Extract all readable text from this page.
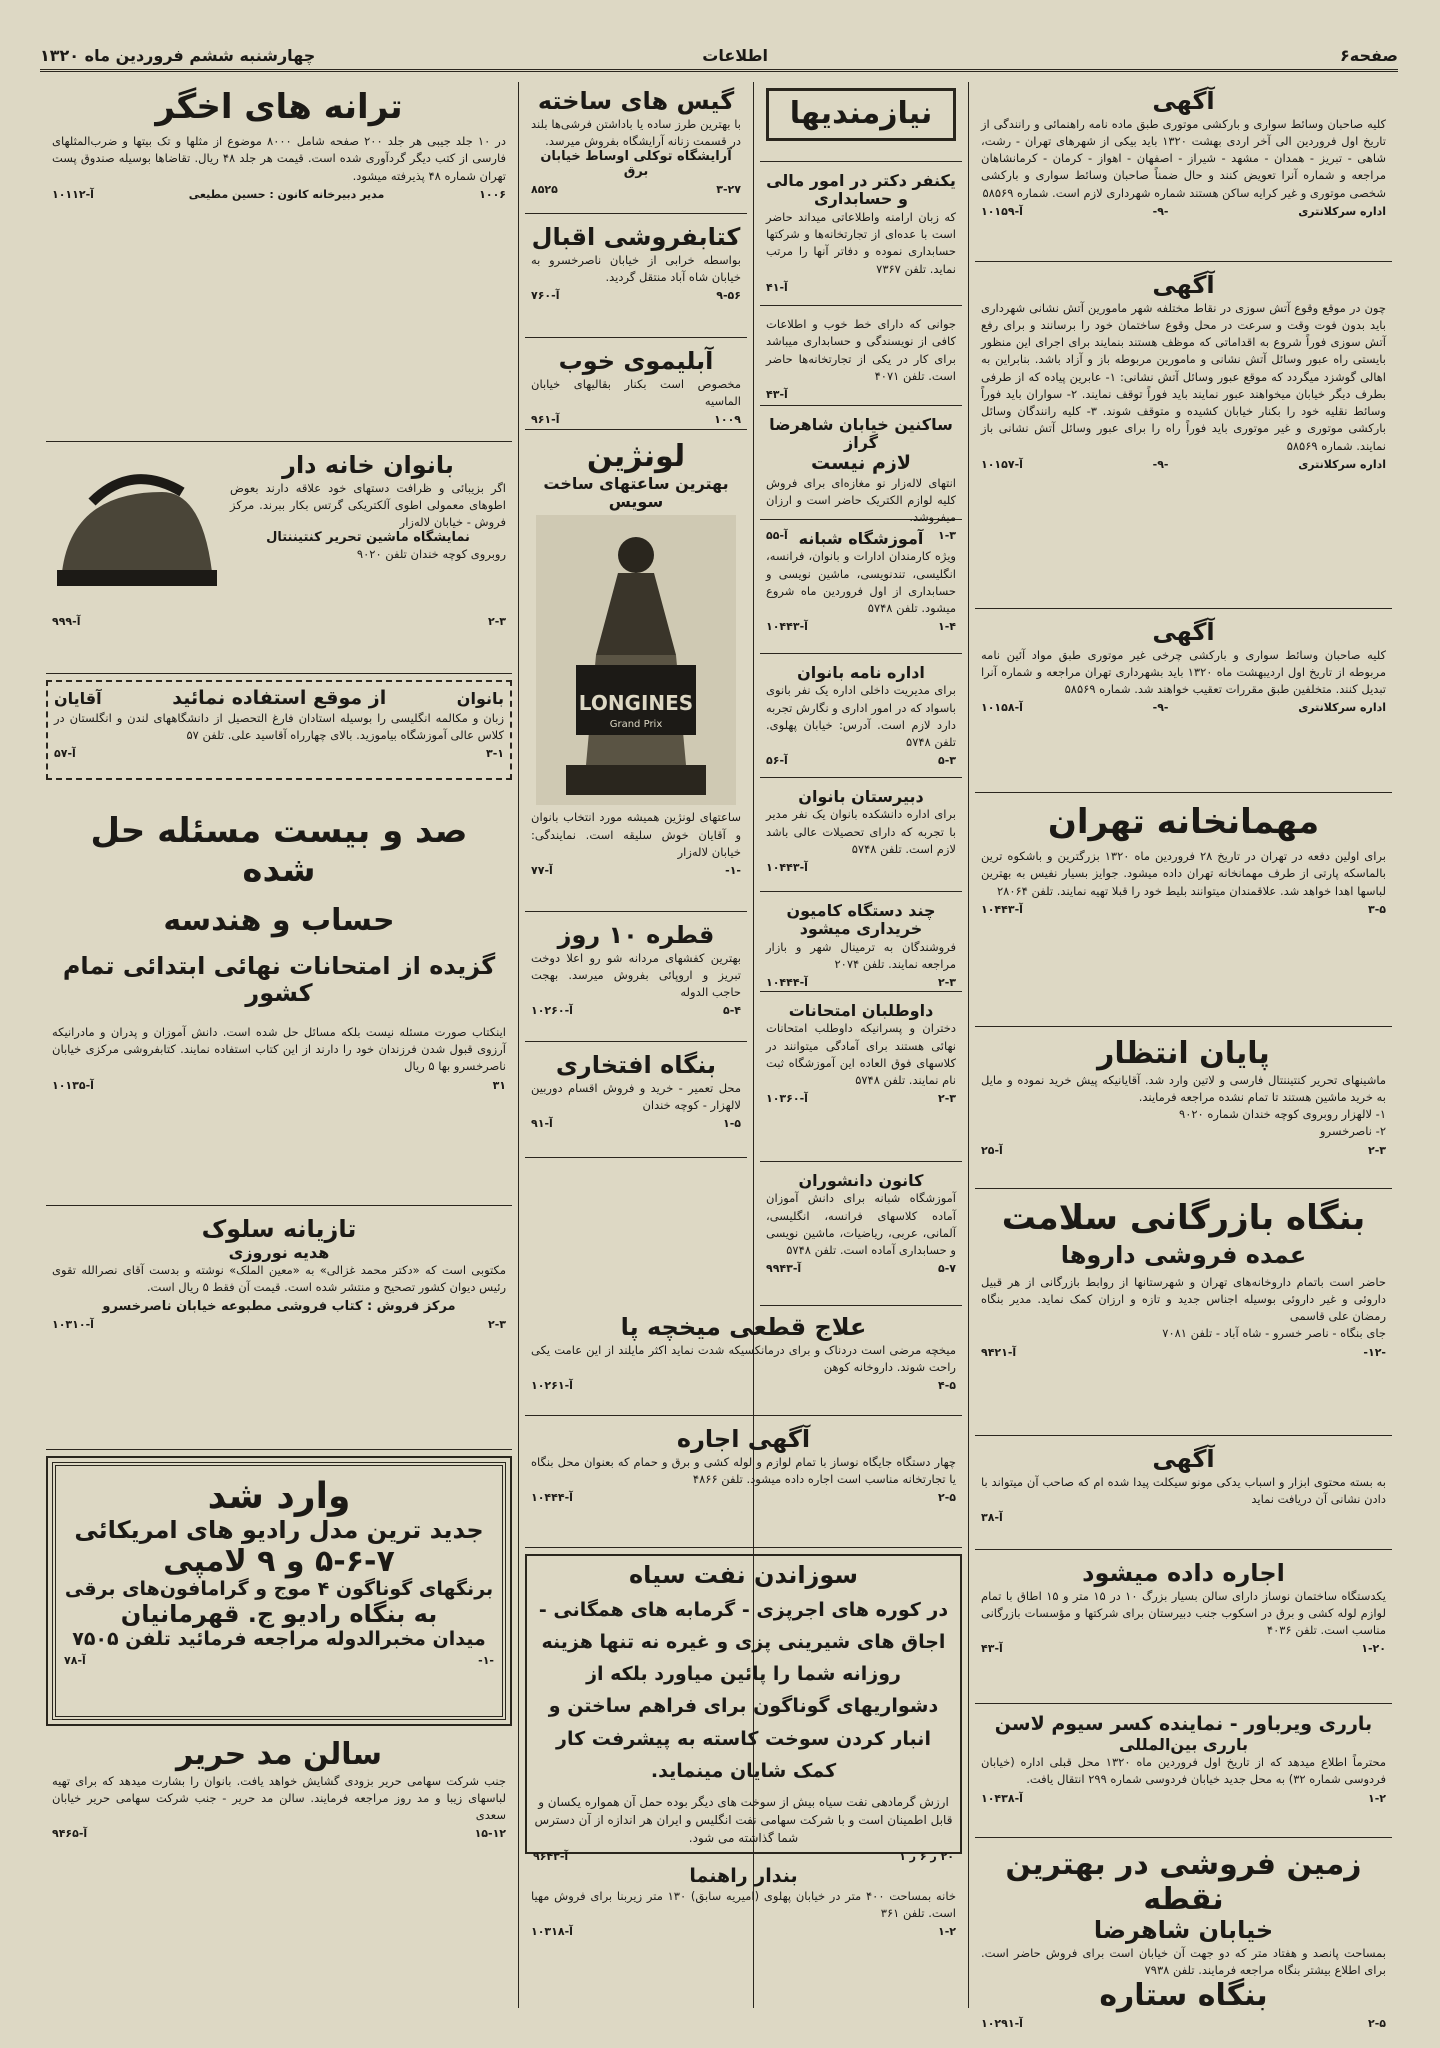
صفحه۶
اطلاعات
چهارشنبه ششم فروردین ماه ۱۳۲۰
آگهی
کلیه صاحبان وسائط سواری و بارکشی موتوری طبق ماده نامه راهنمائی و رانندگی از تاریخ اول فروردین الی آخر اردی بهشت ۱۳۲۰ باید بیکی از شهرهای تهران - رشت، شاهی - تبریز - همدان - مشهد - شیراز - اصفهان - اهواز - کرمان - کرمانشاهان مراجعه و شماره آنرا تعویض کنند و حال ضمناً صاحبان وسائط سواری و بارکشی شخصی موتوری و غیر کرایه ساکن هستند شماره شهرداری لازم است. شماره ۵۸۵۶۹
اداره سرکلانتری
-۹-
آ-۱۰۱۵۹
آگهی
چون در موقع وقوع آتش سوزی در نقاط مختلفه شهر مامورین آتش نشانی شهرداری باید بدون فوت وقت و سرعت در محل وقوع ساختمان خود را برسانند و برای رفع آتش سوزی فوراً شروع به اقداماتی که موظف هستند بنمایند برای اجرای این منظور بایستی راه عبور وسائل آتش نشانی و مامورین مربوطه باز و آزاد باشد. بنابراین به اهالی گوشزد میگردد که موقع عبور وسائل آتش نشانی: ۱- عابرین پیاده که از طرفی بطرف دیگر خیابان میخواهند عبور نمایند باید فوراً توقف نمایند. ۲- سواران باید فوراً وسائط نقلیه خود را بکنار خیابان کشیده و متوقف شوند. ۳- کلیه رانندگان وسائل بارکشی موتوری و غیر موتوری باید فوراً راه را برای عبور وسائل آتش نشانی باز نمایند. شماره ۵۸۵۶۹
اداره سرکلانتری
-۹-
آ-۱۰۱۵۷
آگهی
کلیه صاحبان وسائط سواری و بارکشی چرخی غیر موتوری طبق مواد آئین نامه مربوطه از تاریخ اول اردیبهشت ماه ۱۳۲۰ باید بشهرداری تهران مراجعه و شماره آنرا تبدیل کنند. متخلفین طبق مقررات تعقیب خواهند شد. شماره ۵۸۵۶۹
اداره سرکلانتری
-۹-
آ-۱۰۱۵۸
مهمانخانه تهران
برای اولین دفعه در تهران در تاریخ ۲۸ فروردین ماه ۱۳۲۰ بزرگترین و باشکوه ترین بالماسکه پارتی از طرف مهمانخانه تهران داده میشود. جوایز بسیار نفیس به بهترین لباسها اهدا خواهد شد. علاقمندان میتوانند بلیط خود را قبلا تهیه نمایند. تلفن ۲۸۰۶۴
۳-۵
آ-۱۰۴۴۳
پایان انتظار
ماشینهای تحریر کنتیننتال فارسی و لاتین وارد شد. آقایانیکه پیش خرید نموده و مایل به خرید ماشین هستند تا تمام نشده مراجعه فرمایند.
۱- لالهزار روبروی کوچه خندان شماره ۹۰۲۰
۲- ناصرخسرو
۲-۳
آ-۲۵
بنگاه بازرگانی سلامت
عمده فروشی داروها
حاضر است باتمام داروخانه‌های تهران و شهرستانها از روابط بازرگانی از هر قبیل داروئی و غیر داروئی بوسیله اجناس جدید و تازه و ارزان کمک نماید. مدیر بنگاه رمضان علی قاسمی
جای بنگاه - ناصر خسرو - شاه آباد - تلفن ۷۰۸۱
-۱۲-
آ-۹۴۲۱
آگهی
به بسته محتوی ابزار و اسباب یدکی مونو سیکلت پیدا شده ام که صاحب آن میتواند با دادن نشانی آن دریافت نماید
آ-۳۸
اجاره داده میشود
یکدستگاه ساختمان نوساز دارای سالن بسیار بزرگ ۱۰ در ۱۵ متر و ۱۵ اطاق با تمام لوازم لوله کشی و برق در اسکوب جنب دبیرستان برای شرکتها و مؤسسات بازرگانی مناسب است. تلفن ۴۰۳۶
۱-۲۰
آ-۴۳
بارری ویرباور - نماینده کسر سیوم لاسن
بارری بین‌المللی
محترماً اطلاع میدهد که از تاریخ اول فروردین ماه ۱۳۲۰ محل قبلی اداره (خیابان فردوسی شماره ۳۲) به محل جدید خیابان فردوسی شماره ۲۹۹ انتقال یافت.
۱-۲
آ-۱۰۴۳۸
زمین فروشی در بهترین نقطه
خیابان شاهرضا
بمساحت پانصد و هفتاد متر که دو جهت آن خیابان است برای فروش حاضر است. برای اطلاع بیشتر بنگاه مراجعه فرمایند. تلفن ۷۹۳۸
بنگاه ستاره
۲-۵
آ-۱۰۲۹۱
نیازمندیها
یکنفر دکتر در امور مالی و حسابداری
که زبان ارامنه واطلاعاتی میداند حاضر است با عده‌ای از تجارتخانه‌ها و شرکتها حسابداری نموده و دفاتر آنها را مرتب نماید. تلفن ۷۳۶۷
آ-۴۱
جوانی که دارای خط خوب و اطلاعات کافی از نویسندگی و حسابداری میباشد برای کار در یکی از تجارتخانه‌ها حاضر است. تلفن ۴۰۷۱
آ-۴۳
ساکنین خیابان شاهرضا گراز
لازم نیست
انتهای لاله‌زار نو مغازه‌ای برای فروش کلیه لوازم الکتریک حاضر است و ارزان میفروشد.
۱-۳
آ-۵۵ آموزشگاه شبانه
ویژه کارمندان ادارات و بانوان، فرانسه، انگلیسی، تندنویسی، ماشین نویسی و حسابداری از اول فروردین ماه شروع میشود. تلفن ۵۷۴۸
۱-۴
آ-۱۰۴۴۳
اداره نامه بانوان
برای مدیریت داخلی اداره یک نفر بانوی باسواد که در امور اداری و نگارش تجربه دارد لازم است. آدرس: خیابان پهلوی. تلفن ۵۷۴۸
۵-۳
آ-۵۶
دبیرستان بانوان
برای اداره دانشکده بانوان یک نفر مدیر با تجربه که دارای تحصیلات عالی باشد لازم است. تلفن ۵۷۴۸
آ-۱۰۴۴۳
چند دستگاه کامیون خریداری میشود
فروشندگان به ترمینال شهر و بازار مراجعه نمایند. تلفن ۲۰۷۴
۲-۳
آ-۱۰۴۴۴
داوطلبان امتحانات
دختران و پسرانیکه داوطلب امتحانات نهائی هستند برای آمادگی میتوانند در کلاسهای فوق العاده این آموزشگاه ثبت نام نمایند. تلفن ۵۷۴۸
۲-۳
آ-۱۰۳۶۰
کانون دانشوران
آموزشگاه شبانه برای دانش آموزان آماده کلاسهای فرانسه، انگلیسی، آلمانی، عربی، ریاضیات، ماشین نویسی و حسابداری آماده است. تلفن ۵۷۴۸
۵-۷
آ-۹۹۴۳
گیس های ساخته
با بهترین طرز ساده یا باداشتن فرشی‌ها بلند در قسمت زنانه آرایشگاه بفروش میرسد.
آرایشگاه توکلی اوساط خیابان برق
۳-۲۷
۸۵۲۵
کتابفروشی اقبال
بواسطه خرابی از خیابان ناصرخسرو به خیابان شاه آباد منتقل گردید.
۹-۵۶
آ-۷۶۰
آبلیموی خوب
مخصوص است بکنار بقالیهای خیابان الماسیه
۱۰۰۹
آ-۹۶۱
لونژین
بهترین ساعتهای ساخت سویس
LONGINES
Grand Prix
ساعتهای لونژین همیشه مورد انتخاب بانوان و آقایان خوش سلیقه است. نمایندگی: خیابان لاله‌زار
-۱-
آ-۷۷
قطره ۱۰ روز
بهترین کفشهای مردانه شو رو اعلا دوخت تبریز و اروپائی بفروش میرسد. بهجت حاجب الدوله
۵-۴
آ-۱۰۲۶۰
بنگاه افتخاری
محل تعمیر - خرید و فروش اقسام دوربین لالهزار - کوچه خندان
۱-۵
آ-۹۱
علاج قطعی میخچه پا
میخچه مرضی است دردناک و برای درمانکسیکه شدت نماید اکثر مایلند از این عامت یکی راحت شوند. داروخانه کوهن
۴-۵
آ-۱۰۲۶۱
آگهی اجاره
چهار دستگاه جایگاه نوساز با تمام لوازم و لوله کشی و برق و حمام که بعنوان محل بنگاه یا تجارتخانه مناسب است اجاره داده میشود. تلفن ۴۸۶۶
۲-۵
آ-۱۰۴۴۴
سوزاندن نفت سیاه
در کوره های اجرپزی - گرمابه های همگانی - اجاق های شیرینی پزی و غیره نه تنها هزینه روزانه شما را پائین میاورد بلکه از دشواریهای گوناگون برای فراهم ساختن و انبار کردن سوخت کاسته به پیشرفت کار کمک شایان مینماید.
ارزش گرمادهی نفت سیاه بیش از سوخت های دیگر بوده حمل آن همواره یکسان و قابل اطمینان است و با شرکت سهامی نفت انگلیس و ایران هر اندازه از آن دسترس شما گذاشته می شود.
۲۰ ر ۶ ر ۱
آ-۹۶۴۳
بندار راهنما
خانه بمساحت ۴۰۰ متر در خیابان پهلوی (امیریه سابق) ۱۳۰ متر زیربنا برای فروش مهیا است. تلفن ۳۶۱
۱-۲
آ-۱۰۳۱۸
ترانه های اخگر
در ۱۰ جلد جیبی هر جلد ۲۰۰ صفحه شامل ۸۰۰۰ موضوع از مثلها و تک بیتها و ضرب‌المثلهای فارسی از کتب دیگر گردآوری شده است. قیمت هر جلد ۴۸ ریال. تقاضاها بوسیله صندوق پست تهران شماره ۴۸ پذیرفته میشود.
۱۰۰۶
مدیر دبیرخانه کانون : حسین مطیعی
آ-۱۰۱۱۲
بانوان خانه دار
اگر بزیبائی و ظرافت دستهای خود علاقه دارند بعوض اطوهای معمولی اطوی آلکتریکی گرتس بکار ببرند. مرکز فروش - خیابان لاله‌زار
نمایشگاه ماشین تحریر کنتیننتال
روبروی کوچه خندان تلفن ۹۰۲۰
۲-۳
آ-۹۹۹
بانوان
از موقع استفاده نمائید
آقایان
زبان و مکالمه انگلیسی را بوسیله استادان فارغ التحصیل از دانشگاههای لندن و انگلستان در کلاس عالی آموزشگاه بیاموزید. بالای چهارراه آقاسید علی. تلفن ۵۷
۳-۱
آ-۵۷
صد و بیست مسئله حل شده
حساب و هندسه
گزیده از امتحانات نهائی ابتدائی تمام کشور
اینکتاب صورت مسئله نیست بلکه مسائل حل شده است. دانش آموزان و پدران و مادرانیکه آرزوی قبول شدن فرزندان خود را دارند از این کتاب استفاده نمایند. کتابفروشی مرکزی خیابان ناصرخسرو بها ۵ ریال
۳۱
آ-۱۰۱۳۵
تازیانه سلوک
هدیه نوروزی
مکتوبی است که «دکتر محمد غزالی» به «معین الملک» نوشته و بدست آقای نصرالله تقوی رئیس دیوان کشور تصحیح و منتشر شده است. قیمت آن فقط ۵ ریال است.
مرکز فروش : کتاب فروشی مطبوعه خیابان ناصرخسرو
۲-۳
آ-۱۰۳۱۰
وارد شد
جدید ترین مدل رادیو های امریکائی
۵-۶-۷ و ۹ لامپی
برنگهای گوناگون ۴ موج و گرامافون‌های برقی
به بنگاه رادیو ج. قهرمانیان
میدان مخبرالدوله مراجعه فرمائید تلفن ۷۵۰۵
-۱-
آ-۷۸
سالن مد حریر
جنب شرکت سهامی حریر بزودی گشایش خواهد یافت. بانوان را بشارت میدهد که برای تهیه لباسهای زیبا و مد روز مراجعه فرمایند. سالن مد حریر - جنب شرکت سهامی حریر خیابان سعدی
۱۵-۱۲
آ-۹۴۶۵
